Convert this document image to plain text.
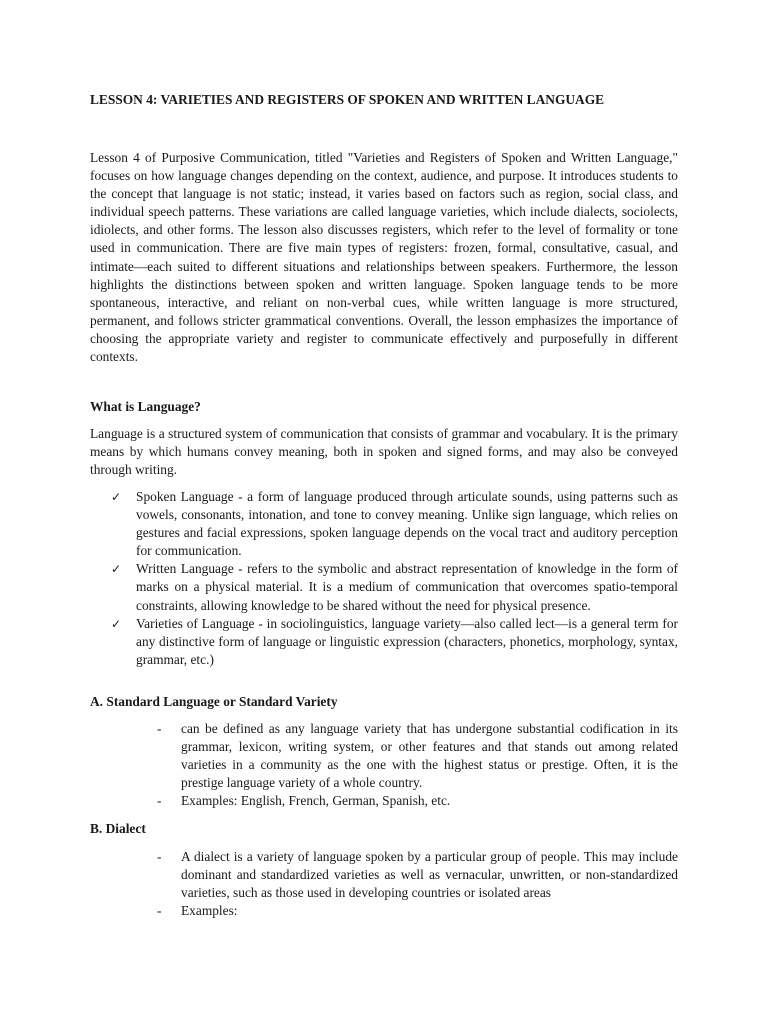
LESSON 4: VARIETIES AND REGISTERS OF SPOKEN AND WRITTEN LANGUAGE

Lesson 4 of Purposive Communication, titled "Varieties and Registers of Spoken and Written Language," focuses on how language changes depending on the context, audience, and purpose. It introduces students to the concept that language is not static; instead, it varies based on factors such as region, social class, and individual speech patterns. These variations are called language varieties, which include dialects, sociolects, idiolects, and other forms. The lesson also discusses registers, which refer to the level of formality or tone used in communication. There are five main types of registers: frozen, formal, consultative, casual, and intimate—each suited to different situations and relationships between speakers. Furthermore, the lesson highlights the distinctions between spoken and written language. Spoken language tends to be more spontaneous, interactive, and reliant on non-verbal cues, while written language is more structured, permanent, and follows stricter grammatical conventions. Overall, the lesson emphasizes the importance of choosing the appropriate variety and register to communicate effectively and purposefully in different contexts.

What is Language?

Language is a structured system of communication that consists of grammar and vocabulary. It is the primary means by which humans convey meaning, both in spoken and signed forms, and may also be conveyed through writing.

✓ Spoken Language - a form of language produced through articulate sounds, using patterns such as vowels, consonants, intonation, and tone to convey meaning. Unlike sign language, which relies on gestures and facial expressions, spoken language depends on the vocal tract and auditory perception for communication.
✓ Written Language - refers to the symbolic and abstract representation of knowledge in the form of marks on a physical material. It is a medium of communication that overcomes spatio-temporal constraints, allowing knowledge to be shared without the need for physical presence.
✓ Varieties of Language - in sociolinguistics, language variety—also called lect—is a general term for any distinctive form of language or linguistic expression (characters, phonetics, morphology, syntax, grammar, etc.)
A. Standard Language or Standard Variety
- can be defined as any language variety that has undergone substantial codification in its grammar, lexicon, writing system, or other features and that stands out among related varieties in a community as the one with the highest status or prestige. Often, it is the prestige language variety of a whole country.
- Examples: English, French, German, Spanish, etc.
B. Dialect
- A dialect is a variety of language spoken by a particular group of people. This may include dominant and standardized varieties as well as vernacular, unwritten, or non-standardized varieties, such as those used in developing countries or isolated areas
- Examples:
